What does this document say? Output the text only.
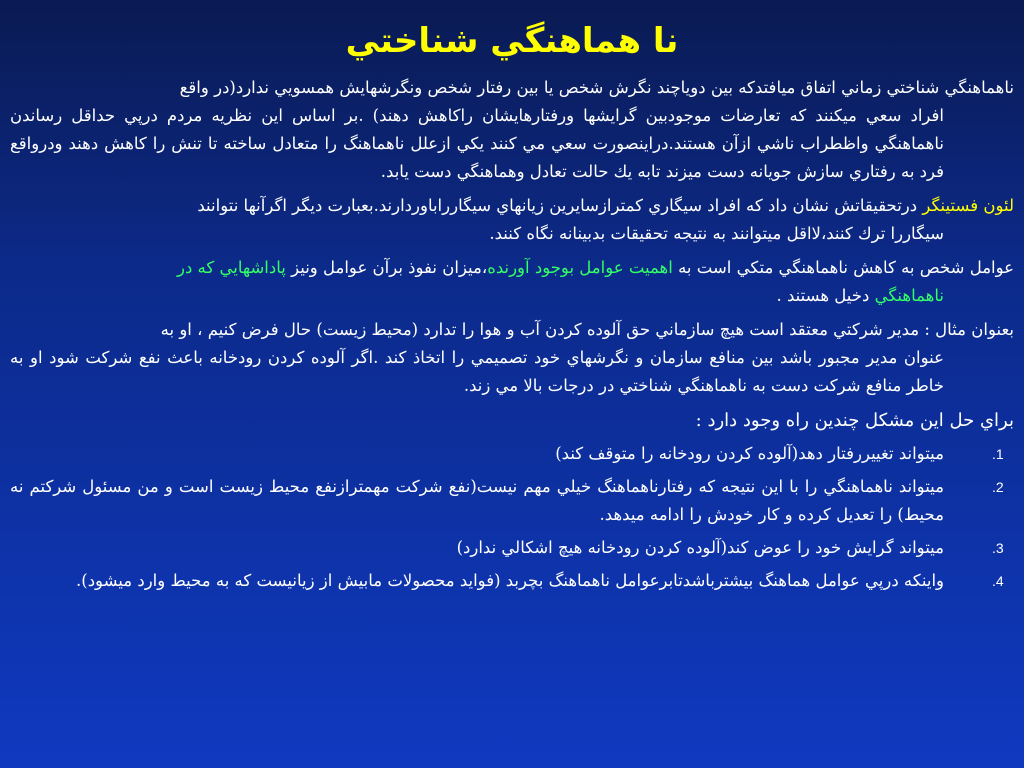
نا هماهنگي شناختي

ناهماهنگي شناختي زماني اتفاق ميافتدكه بين دوياچند نگرش شخص يا بين رفتار شخص ونگرشهايش همسويي ندارد(در واقع
افراد سعي ميكنند كه تعارضات موجودبين گرايشها ورفتارهايشان راكاهش دهند) .بر اساس اين نظريه مردم درپي حداقل رساندن ناهماهنگي واظطراب ناشي ازآن هستند.دراينصورت سعي مي كنند يكي ازعلل ناهماهنگ را متعادل ساخته تا تنش را كاهش دهند ودرواقع فرد به رفتاري سازش جويانه دست ميزند تابه يك حالت تعادل وهماهنگي دست يابد.

لئون فستينگر درتحقيقاتش نشان داد كه افراد سيگاري كمترازسايرين زيانهاي سيگارراباوردارند.بعبارت ديگر اگرآنها نتوانند
سيگاررا ترك كنند،لااقل ميتوانند به نتيجه تحقيقات بدبينانه نگاه كنند.

عوامل شخص به كاهش ناهماهنگي متكي است به اهميت عوامل بوجود آورنده،ميزان نفوذ برآن عوامل ونيز پاداشهايي كه در
ناهماهنگي دخيل هستند .

بعنوان مثال : مدير شركتي معتقد است هيچ سازماني حق آلوده كردن آب و هوا را تدارد (محيط زيست) حال فرض كنيم ، او به
عنوان مدير مجبور باشد بين منافع سازمان و نگرشهاي خود تصميمي را اتخاذ كند .اگر آلوده كردن رودخانه باعث نفع شركت شود او به خاطر منافع شركت دست به ناهماهنگي شناختي در درجات بالا مي زند.

براي حل اين مشكل چندين راه وجود دارد :

1.
ميتواند تغييررفتار دهد(آلوده كردن رودخانه را متوقف كند)
2.
ميتواند ناهماهنگي را با اين نتيجه كه رفتارناهماهنگ خيلي مهم نيست(نفع شركت مهمترازنفع محيط زيست است و من مسئول شركتم نه محيط) را تعديل كرده و كار خودش را ادامه ميدهد.
3.
ميتواند گرايش خود را عوض كند(آلوده كردن رودخانه هيچ اشكالي ندارد)
4.
واينكه درپي عوامل هماهنگ بيشترباشدتابرعوامل ناهماهنگ بچربد (فوايد محصولات مابيش از زيانيست كه به محيط وارد ميشود).
